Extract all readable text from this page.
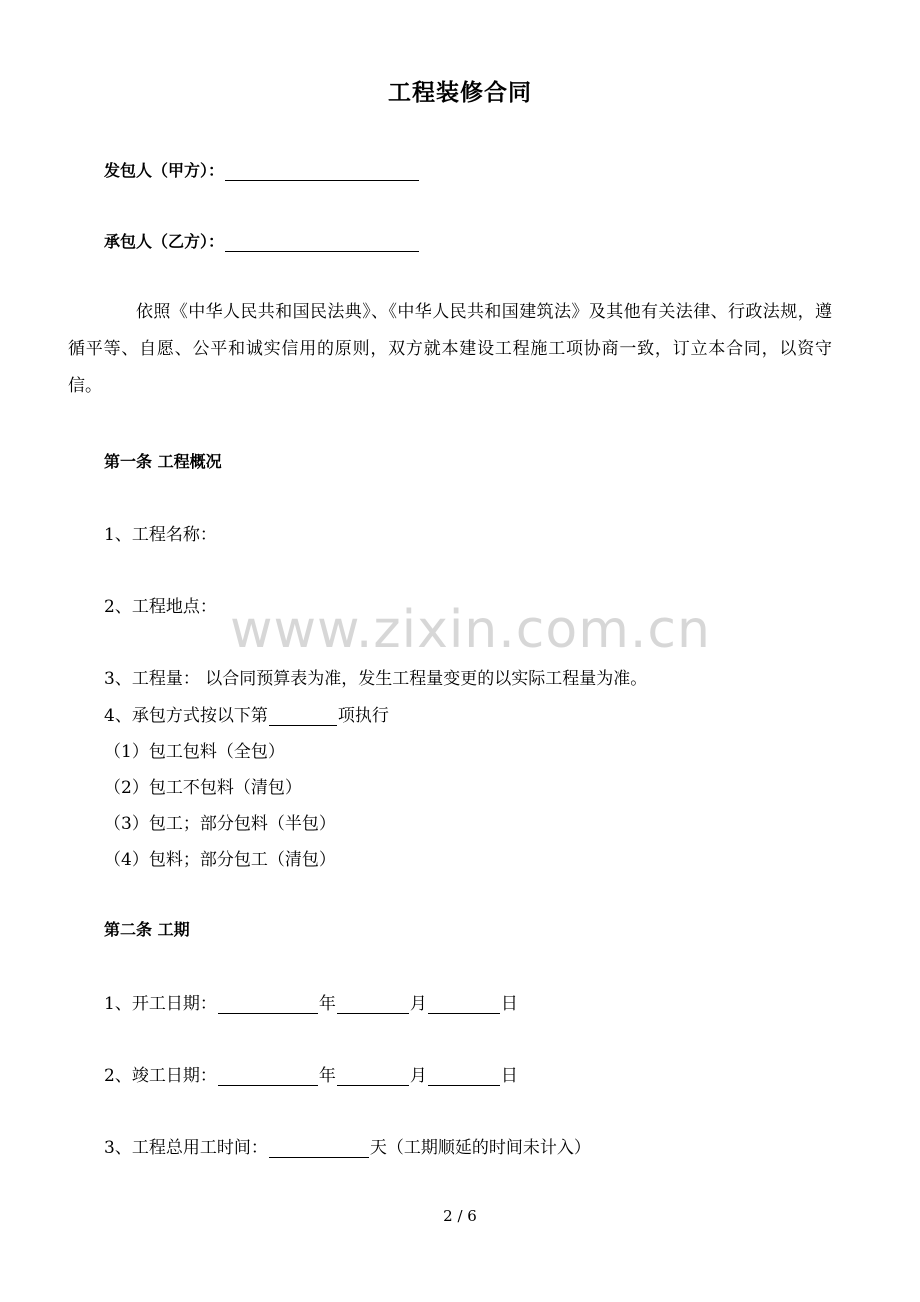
工程装修合同
发包人（甲方）：
承包人（乙方）：
依照《中华人民共和国民法典》、《中华人民共和国建筑法》及其他有关法律、行政法规，遵循平等、自愿、公平和诚实信用的原则，双方就本建设工程施工项协商一致，订立本合同，以资守信。
第一条 工程概况
1、工程名称：
2、工程地点：
3、工程量： 以合同预算表为准，发生工程量变更的以实际工程量为准。
4、承包方式按以下第	项执行
（1）包工包料（全包）
（2）包工不包料（清包）
（3）包工；部分包料（半包）
（4）包料；部分包工（清包）
第二条 工期
1、开工日期：	年	月	日
2、竣工日期：	年	月	日
3、工程总用工时间：	天（工期顺延的时间未计入）
www.zixin.com.cn
2 / 6
